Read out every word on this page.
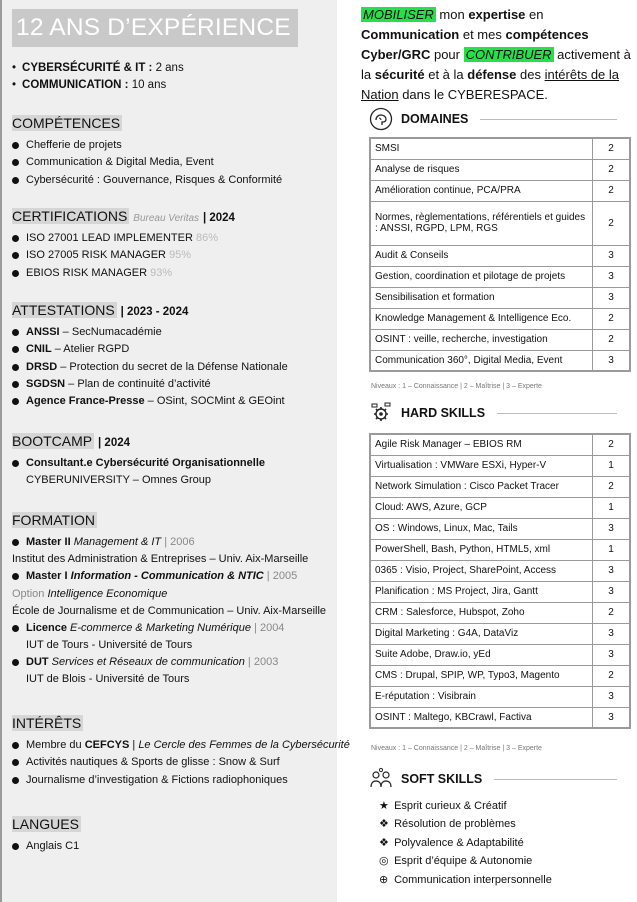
12 ANS D’EXPÉRIENCE
• CYBERSÉCURITÉ & IT : 2 ans
• COMMUNICATION : 10 ans
COMPÉTENCES
Chefferie de projets
Communication & Digital Media, Event
Cybersécurité : Gouvernance, Risques & Conformité
CERTIFICATIONS Bureau Veritas | 2024
ISO 27001 LEAD IMPLEMENTER 86%
ISO 27005 RISK MANAGER 95%
EBIOS RISK MANAGER 93%
ATTESTATIONS | 2023 - 2024
ANSSI – SecNumacadémie
CNIL – Atelier RGPD
DRSD – Protection du secret de la Défense Nationale
SGDSN – Plan de continuité d’activité
Agence France-Presse – OSint, SOCMint & GEOint
BOOTCAMP | 2024
Consultant.e Cybersécurité Organisationnelle
CYBERUNIVERSITY – Omnes Group
FORMATION
Master II Management & IT | 2006
Institut des Administration & Entreprises – Univ. Aix-Marseille
Master I Information - Communication & NTIC | 2005
Option Intelligence Economique
École de Journalisme et de Communication – Univ. Aix-Marseille
Licence E-commerce & Marketing Numérique | 2004
IUT de Tours - Université de Tours
DUT Services et Réseaux de communication | 2003
IUT de Blois - Université de Tours
INTÉRÊTS
Membre du CEFCYS | Le Cercle des Femmes de la Cybersécurité
Activités nautiques & Sports de glisse : Snow & Surf
Journalisme d’investigation & Fictions radiophoniques
LANGUES
Anglais C1
MOBILISER mon expertise en Communication et mes compétences Cyber/GRC pour CONTRIBUER activement à la sécurité et à la défense des intérêts de la Nation dans le CYBERESPACE.
DOMAINES
SMSI	2
Analyse de risques	2
Amélioration continue, PCA/PRA	2
Normes, règlementations, référentiels et guides : ANSSI, RGPD, LPM, RGS	2
Audit & Conseils	3
Gestion, coordination et pilotage de projets	3
Sensibilisation et formation	3
Knowledge Management & Intelligence Eco.	2
OSINT : veille, recherche, investigation	2
Communication 360°, Digital Media, Event	3
Niveaux : 1 – Connaissance | 2 – Maîtrise | 3 – Experte
HARD SKILLS
Agile Risk Manager – EBIOS RM	2
Virtualisation : VMWare ESXi, Hyper-V	1
Network Simulation : Cisco Packet Tracer	2
Cloud: AWS, Azure, GCP	1
OS : Windows, Linux, Mac, Tails	3
PowerShell, Bash, Python, HTML5, xml	1
0365 : Visio, Project, SharePoint, Access	3
Planification : MS Project, Jira, Gantt	3
CRM : Salesforce, Hubspot, Zoho	2
Digital Marketing : G4A, DataViz	3
Suite Adobe, Draw.io, yEd	3
CMS : Drupal, SPIP, WP, Typo3, Magento	2
E-réputation : Visibrain	3
OSINT : Maltego, KBCrawl, Factiva	3
Niveaux : 1 – Connaissance | 2 – Maîtrise | 3 – Experte
SOFT SKILLS
★ Esprit curieux & Créatif
❖ Résolution de problèmes
❖ Polyvalence & Adaptabilité
◎ Esprit d’équipe & Autonomie
⊕ Communication interpersonnelle
